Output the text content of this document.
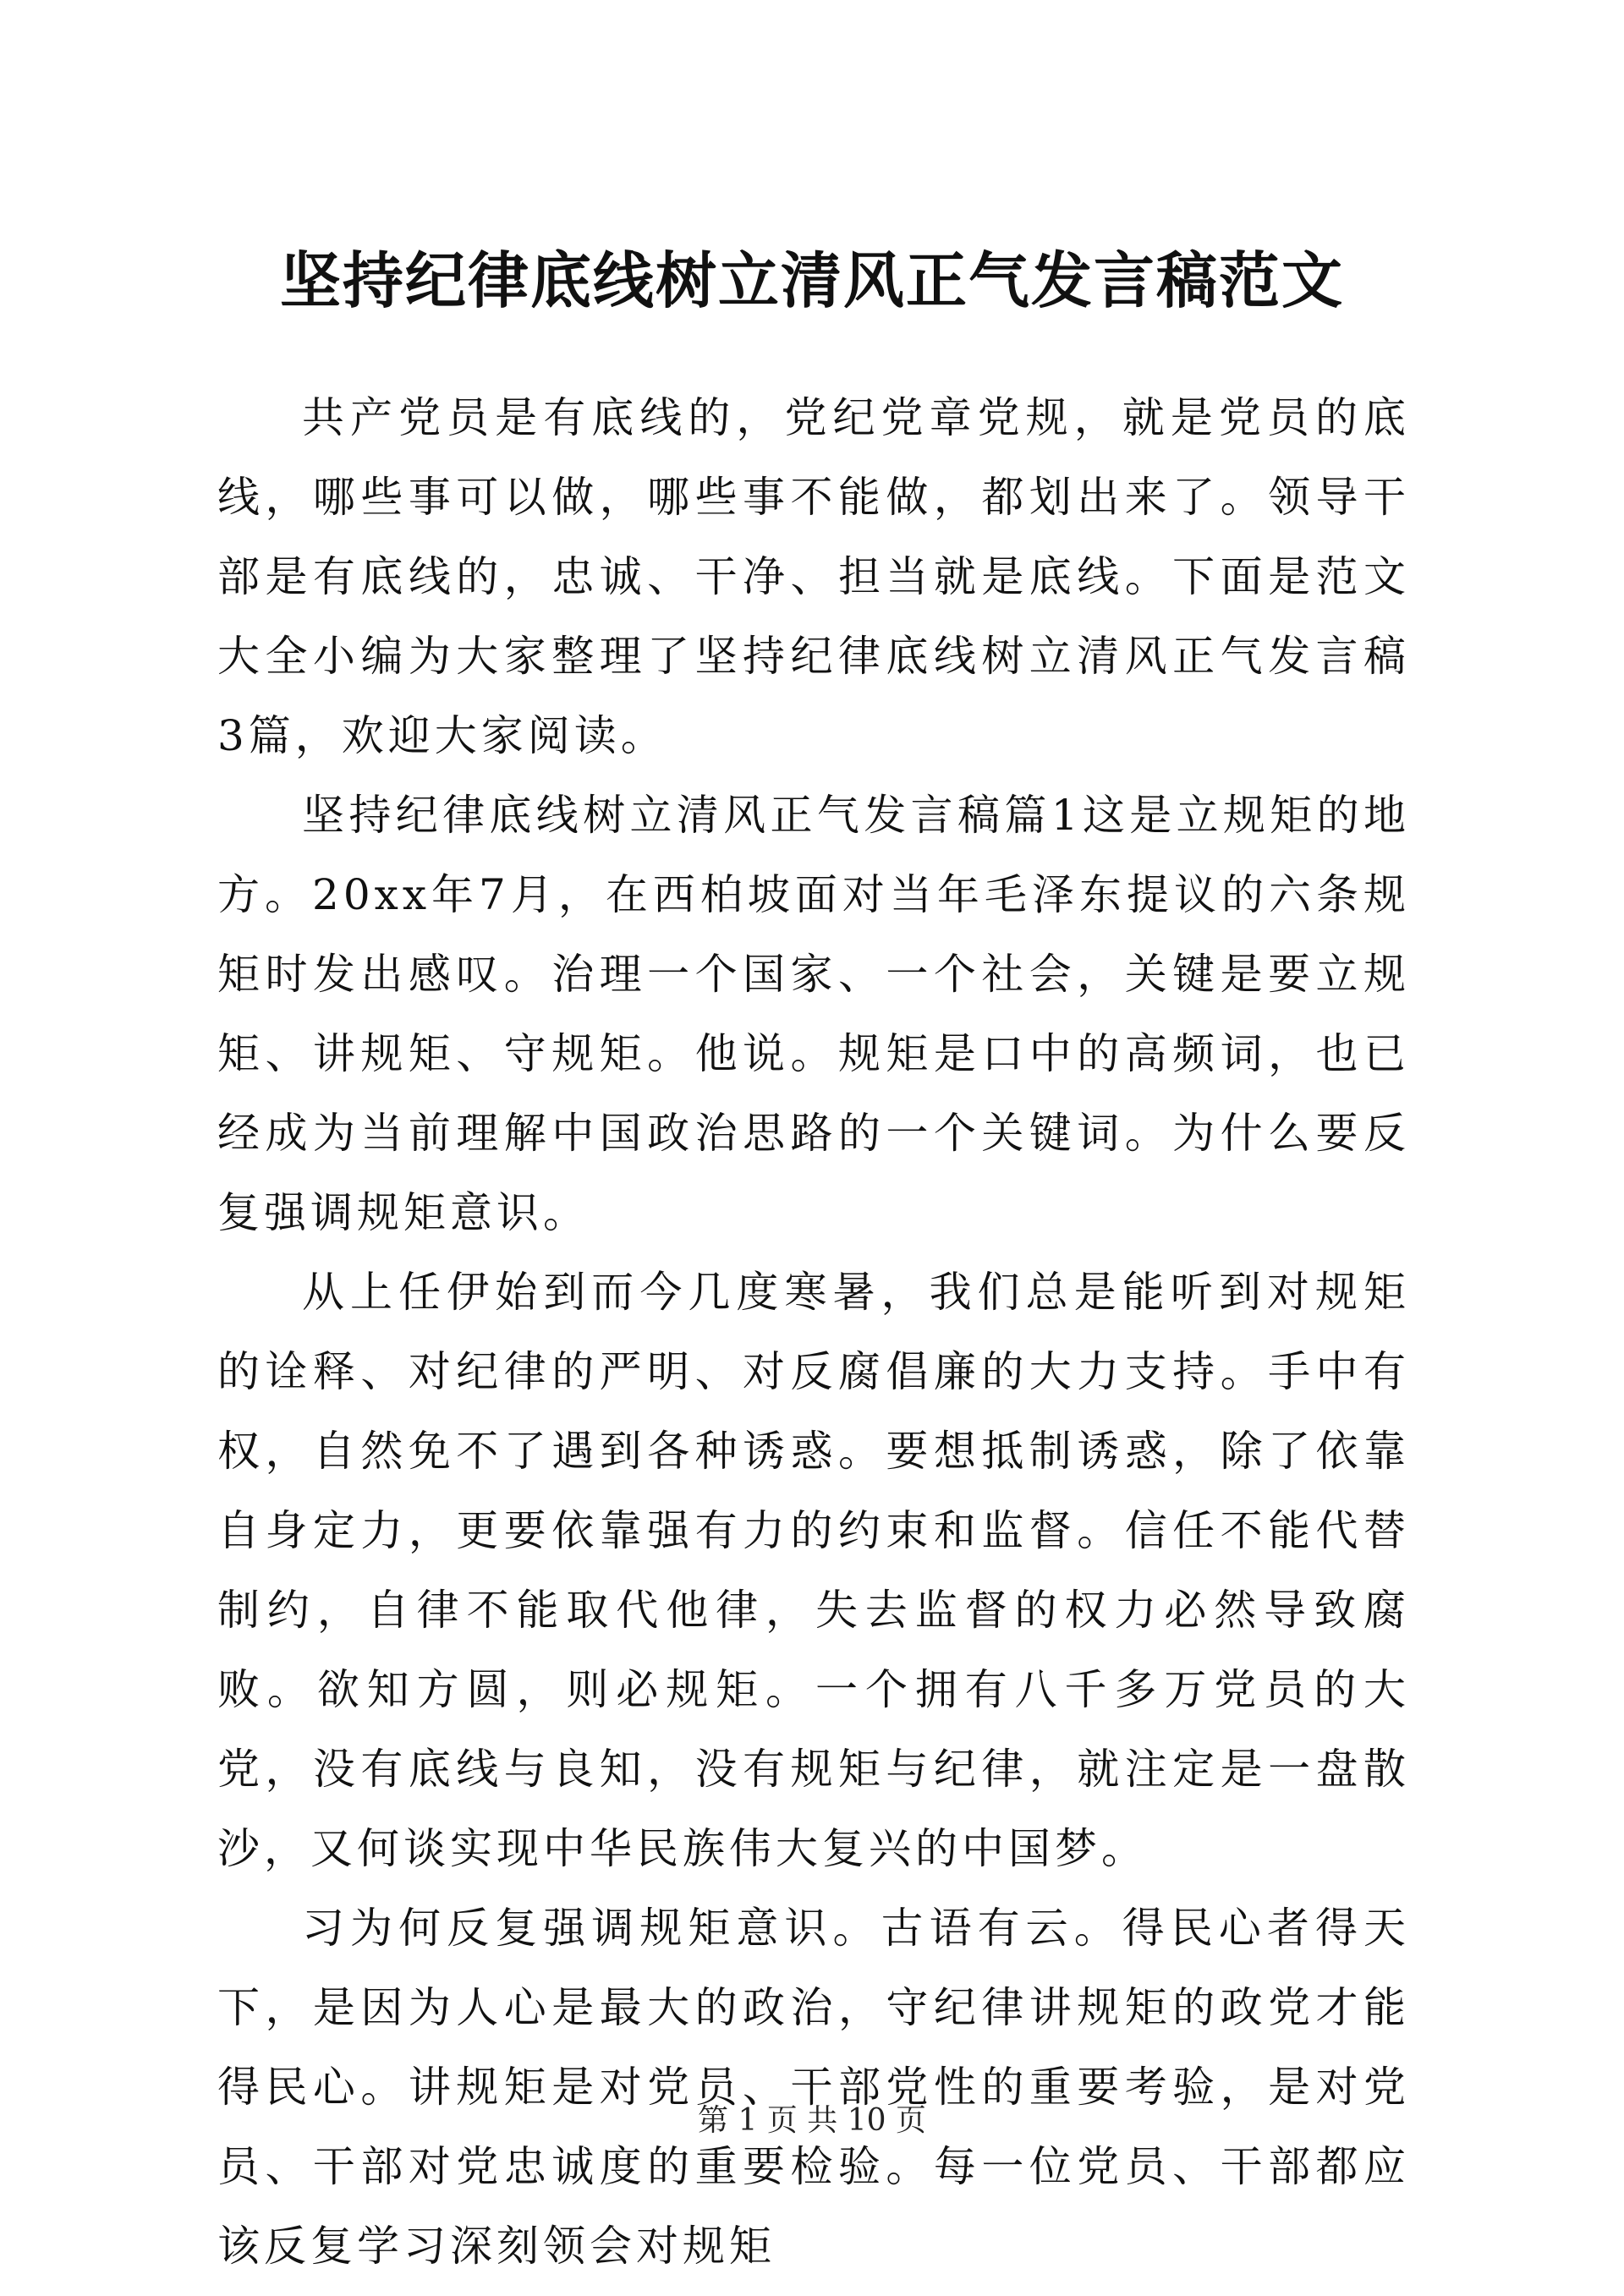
坚持纪律底线树立清风正气发言稿范文

共产党员是有底线的，党纪党章党规，就是党员的底线，哪些事可以做，哪些事不能做，都划出来了。领导干部是有底线的，忠诚、干净、担当就是底线。下面是范文大全小编为大家整理了坚持纪律底线树立清风正气发言稿3篇，欢迎大家阅读。

坚持纪律底线树立清风正气发言稿篇1这是立规矩的地方。20xx年7月，在西柏坡面对当年毛泽东提议的六条规矩时发出感叹。治理一个国家、一个社会，关键是要立规矩、讲规矩、守规矩。他说。规矩是口中的高频词，也已经成为当前理解中国政治思路的一个关键词。为什么要反复强调规矩意识。

从上任伊始到而今几度寒暑，我们总是能听到对规矩的诠释、对纪律的严明、对反腐倡廉的大力支持。手中有权，自然免不了遇到各种诱惑。要想抵制诱惑，除了依靠自身定力，更要依靠强有力的约束和监督。信任不能代替制约，自律不能取代他律，失去监督的权力必然导致腐败。欲知方圆，则必规矩。一个拥有八千多万党员的大党，没有底线与良知，没有规矩与纪律，就注定是一盘散沙，又何谈实现中华民族伟大复兴的中国梦。

习为何反复强调规矩意识。古语有云。得民心者得天下，是因为人心是最大的政治，守纪律讲规矩的政党才能得民心。讲规矩是对党员、干部党性的重要考验，是对党员、干部对党忠诚度的重要检验。每一位党员、干部都应该反复学习深刻领会对规矩

第 1 页 共 10 页
